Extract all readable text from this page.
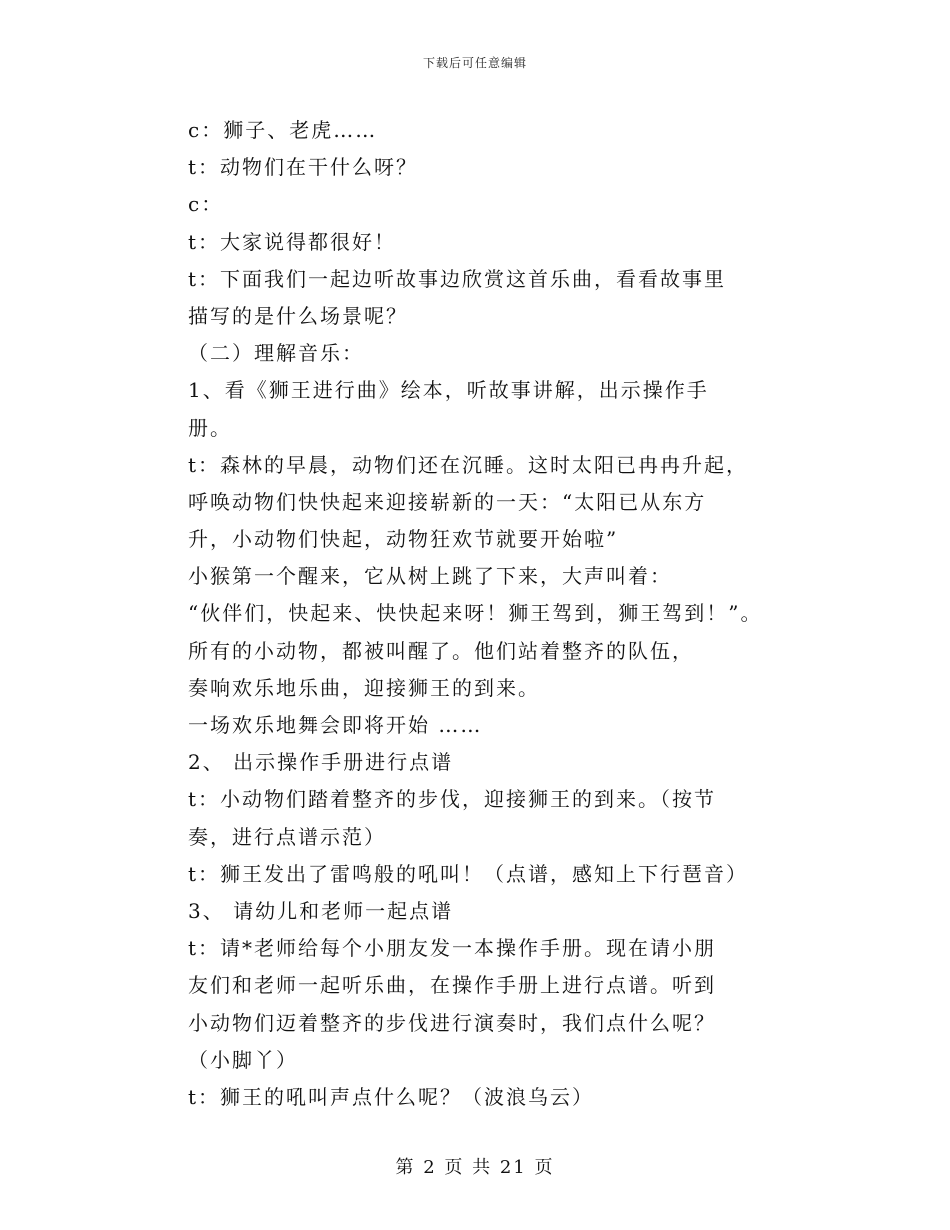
下载后可任意编辑
c：狮子、老虎……
t：动物们在干什么呀？
c：
t：大家说得都很好！
t：下面我们一起边听故事边欣赏这首乐曲，看看故事里
描写的是什么场景呢？
（二）理解音乐：
1、看《狮王进行曲》绘本，听故事讲解，出示操作手
册。
t：森林的早晨，动物们还在沉睡。这时太阳已冉冉升起，
呼唤动物们快快起来迎接崭新的一天：“太阳已从东方
升，小动物们快起，动物狂欢节就要开始啦”
小猴第一个醒来，它从树上跳了下来，大声叫着：
“伙伴们，快起来、快快起来呀！狮王驾到，狮王驾到！”。
所有的小动物，都被叫醒了。他们站着整齐的队伍，
奏响欢乐地乐曲，迎接狮王的到来。
一场欢乐地舞会即将开始 ……
2、 出示操作手册进行点谱
t：小动物们踏着整齐的步伐，迎接狮王的到来。（按节
奏，进行点谱示范）
t：狮王发出了雷鸣般的吼叫！（点谱，感知上下行琶音）
3、 请幼儿和老师一起点谱
t：请*老师给每个小朋友发一本操作手册。现在请小朋
友们和老师一起听乐曲，在操作手册上进行点谱。听到
小动物们迈着整齐的步伐进行演奏时，我们点什么呢？
（小脚丫）
t：狮王的吼叫声点什么呢？（波浪乌云）
第 2 页 共 21 页
